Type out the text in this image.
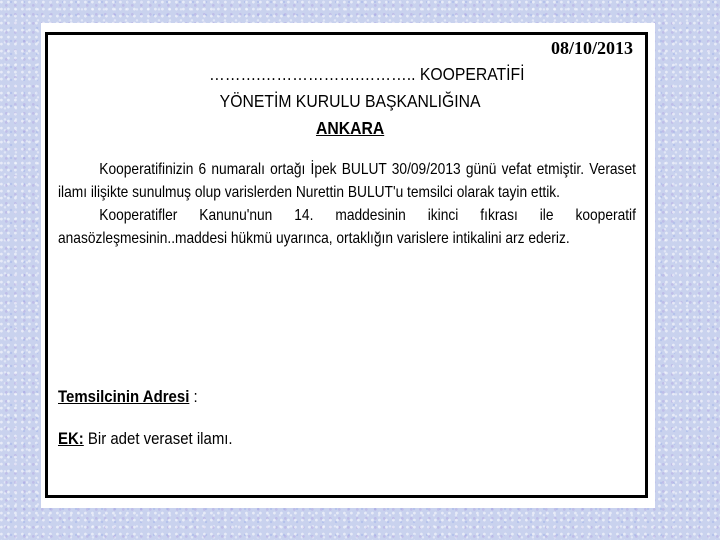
08/10/2013
……….……………….……….. KOOPERATİFİ
YÖNETİM KURULU BAŞKANLIĞINA
ANKARA

Kooperatifinizin 6 numaralı ortağı İpek BULUT 30/09/2013 günü vefat etmiştir. Veraset ilamı ilişikte sunulmuş olup varislerden Nurettin BULUT'u temsilci olarak tayin ettik.

Kooperatifler Kanunu'nun 14. maddesinin ikinci fıkrası ile kooperatif anasözleşmesinin..maddesi hükmü uyarınca, ortaklığın varislere intikalini arz ederiz.

Temsilcinin Adresi :
EK: Bir adet veraset ilamı.
